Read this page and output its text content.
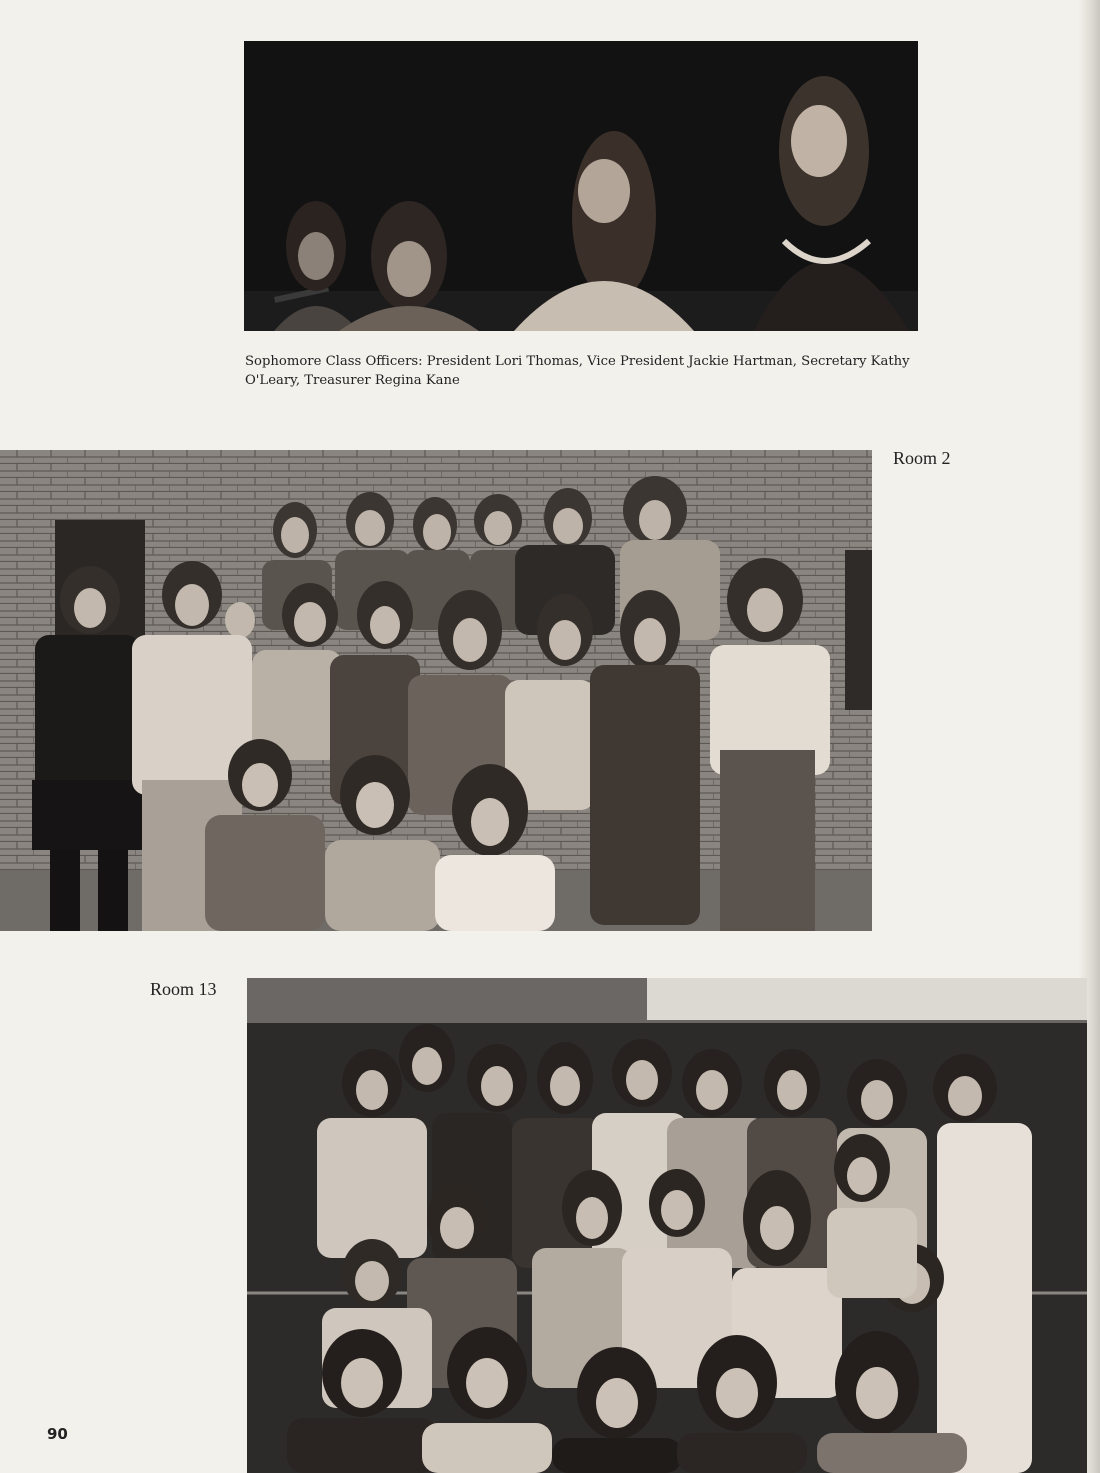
Sophomore Class Officers: President Lori Thomas, Vice President Jackie Hartman, Secretary Kathy O'Leary, Treasurer Regina Kane
Room 2
Room 13
90
